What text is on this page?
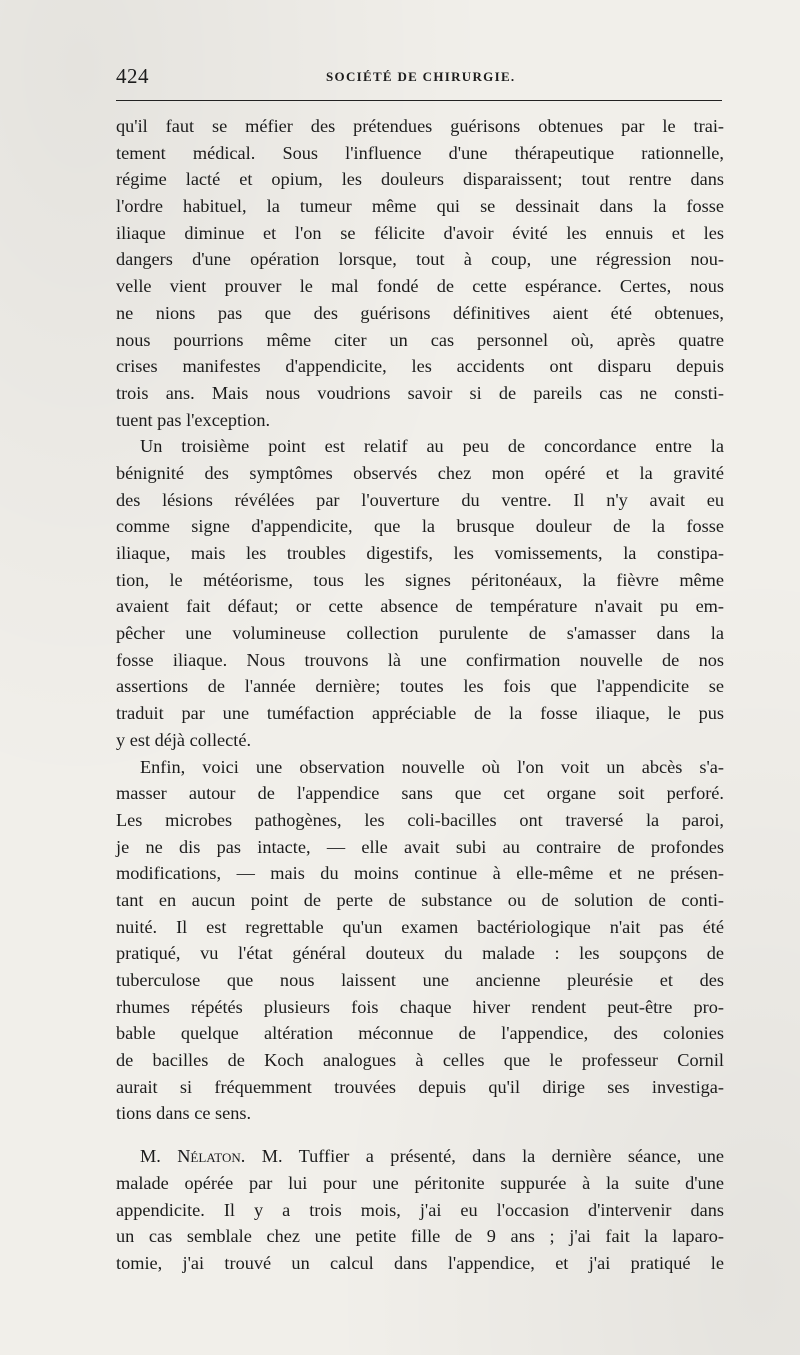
424	SOCIÉTÉ DE CHIRURGIE.
qu'il faut se méfier des prétendues guérisons obtenues par le trai-
tement médical. Sous l'influence d'une thérapeutique rationnelle,
régime lacté et opium, les douleurs disparaissent; tout rentre dans
l'ordre habituel, la tumeur même qui se dessinait dans la fosse
iliaque diminue et l'on se félicite d'avoir évité les ennuis et les
dangers d'une opération lorsque, tout à coup, une régression nou-
velle vient prouver le mal fondé de cette espérance. Certes, nous
ne nions pas que des guérisons définitives aient été obtenues,
nous pourrions même citer un cas personnel où, après quatre
crises manifestes d'appendicite, les accidents ont disparu depuis
trois ans. Mais nous voudrions savoir si de pareils cas ne consti-
tuent pas l'exception.
Un troisième point est relatif au peu de concordance entre la
bénignité des symptômes observés chez mon opéré et la gravité
des lésions révélées par l'ouverture du ventre. Il n'y avait eu
comme signe d'appendicite, que la brusque douleur de la fosse
iliaque, mais les troubles digestifs, les vomissements, la constipa-
tion, le météorisme, tous les signes péritonéaux, la fièvre même
avaient fait défaut; or cette absence de température n'avait pu em-
pêcher une volumineuse collection purulente de s'amasser dans la
fosse iliaque. Nous trouvons là une confirmation nouvelle de nos
assertions de l'année dernière; toutes les fois que l'appendicite se
traduit par une tuméfaction appréciable de la fosse iliaque, le pus
y est déjà collecté.
Enfin, voici une observation nouvelle où l'on voit un abcès s'a-
masser autour de l'appendice sans que cet organe soit perforé.
Les microbes pathogènes, les coli-bacilles ont traversé la paroi,
je ne dis pas intacte, — elle avait subi au contraire de profondes
modifications, — mais du moins continue à elle-même et ne présen-
tant en aucun point de perte de substance ou de solution de conti-
nuité. Il est regrettable qu'un examen bactériologique n'ait pas été
pratiqué, vu l'état général douteux du malade : les soupçons de
tuberculose que nous laissent une ancienne pleurésie et des
rhumes répétés plusieurs fois chaque hiver rendent peut-être pro-
bable quelque altération méconnue de l'appendice, des colonies
de bacilles de Koch analogues à celles que le professeur Cornil
aurait si fréquemment trouvées depuis qu'il dirige ses investiga-
tions dans ce sens.
M. Nélaton. M. Tuffier a présenté, dans la dernière séance, une
malade opérée par lui pour une péritonite suppurée à la suite d'une
appendicite. Il y a trois mois, j'ai eu l'occasion d'intervenir dans
un cas semblale chez une petite fille de 9 ans ; j'ai fait la laparo-
tomie, j'ai trouvé un calcul dans l'appendice, et j'ai pratiqué le
